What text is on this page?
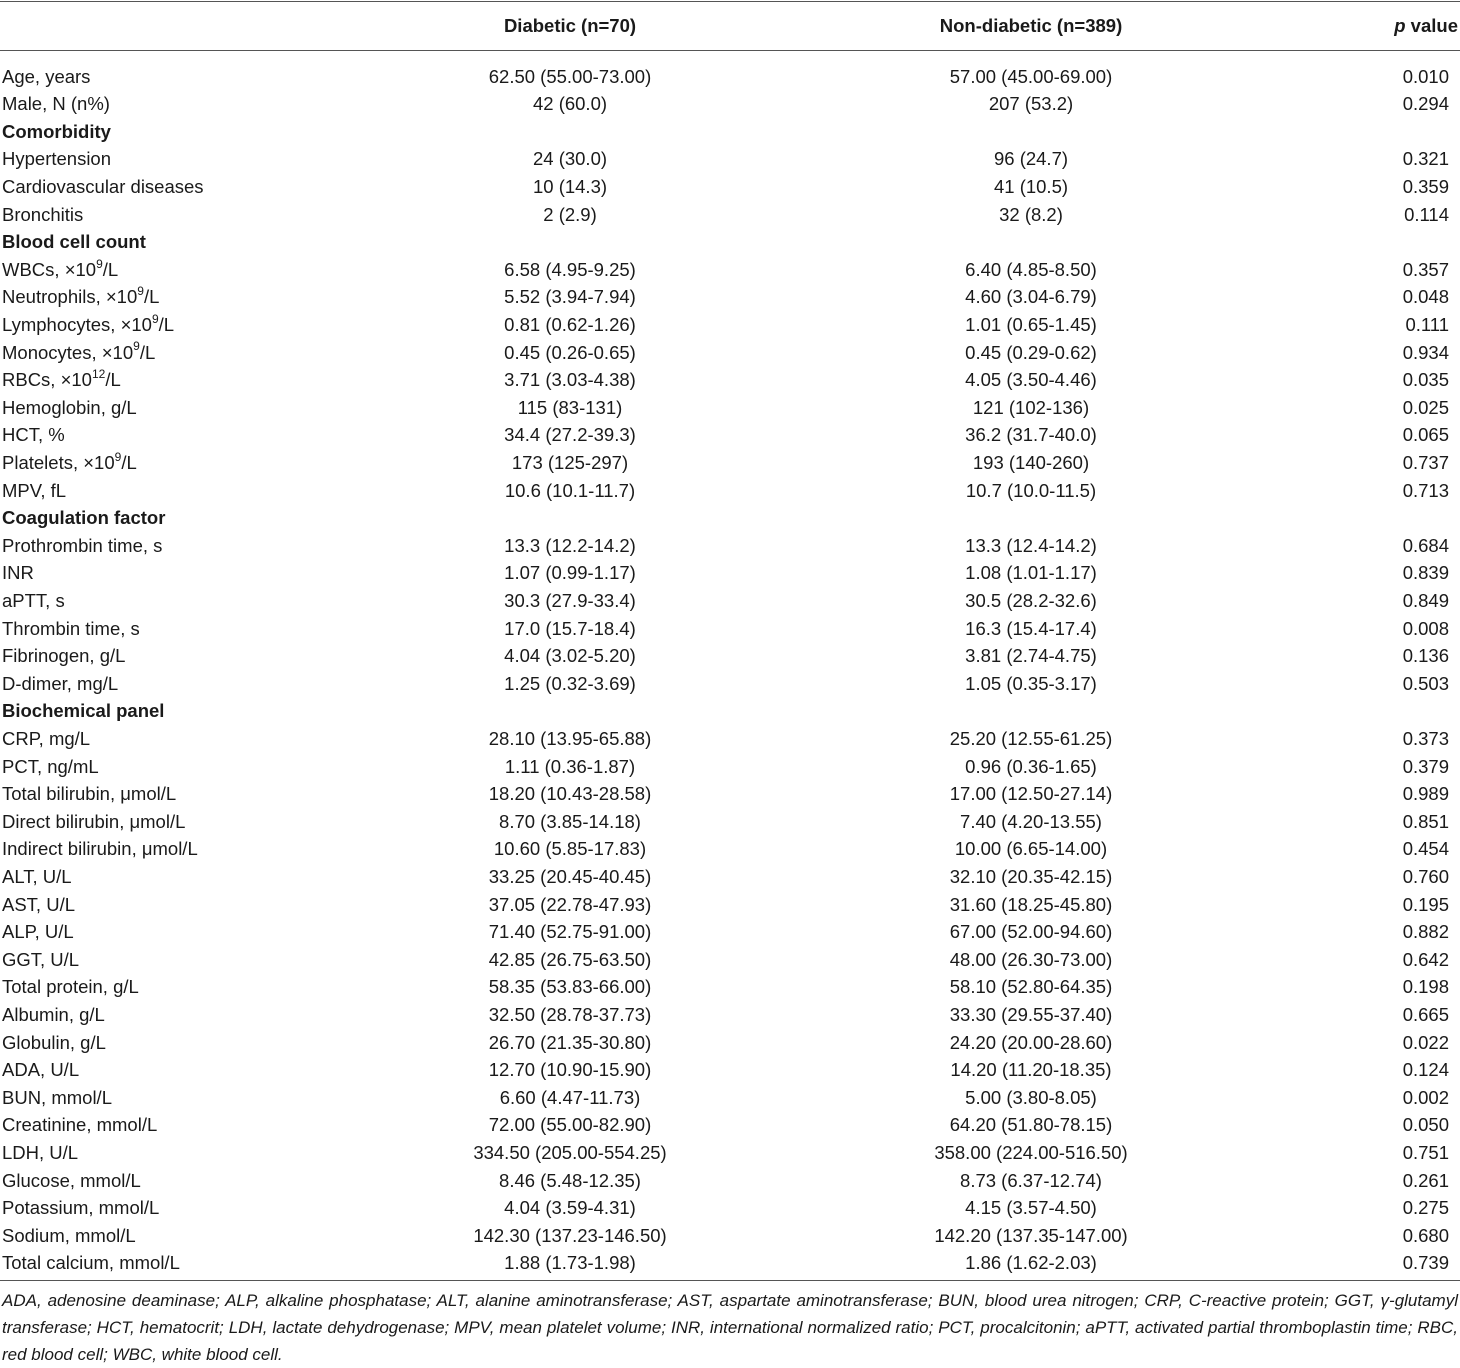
Diabetic (n=70)	Non-diabetic (n=389)	p value
Age, years	62.50 (55.00-73.00)	57.00 (45.00-69.00)	0.010
Male, N (n%)	42 (60.0)	207 (53.2)	0.294
Comorbidity
Hypertension	24 (30.0)	96 (24.7)	0.321
Cardiovascular diseases	10 (14.3)	41 (10.5)	0.359
Bronchitis	2 (2.9)	32 (8.2)	0.114
Blood cell count
WBCs, $\times 10^9/L$	6.58 (4.95-9.25)	6.40 (4.85-8.50)	0.357
Neutrophils, $\times 10^9/L$	5.52 (3.94-7.94)	4.60 (3.04-6.79)	0.048
Lymphocytes, $\times 10^9/L$	0.81 (0.62-1.26)	1.01 (0.65-1.45)	0.111
Monocytes, $\times 10^9/L$	0.45 (0.26-0.65)	0.45 (0.29-0.62)	0.934
RBCs, $\times 10^{12}/L$	3.71 (3.03-4.38)	4.05 (3.50-4.46)	0.035
Hemoglobin, g/L	115 (83-131)	121 (102-136)	0.025
HCT, %	34.4 (27.2-39.3)	36.2 (31.7-40.0)	0.065
Platelets, $\times 10^9/L$	173 (125-297)	193 (140-260)	0.737
MPV, fL	10.6 (10.1-11.7)	10.7 (10.0-11.5)	0.713
Coagulation factor
Prothrombin time, s	13.3 (12.2-14.2)	13.3 (12.4-14.2)	0.684
INR	1.07 (0.99-1.17)	1.08 (1.01-1.17)	0.839
aPTT, s	30.3 (27.9-33.4)	30.5 (28.2-32.6)	0.849
Thrombin time, s	17.0 (15.7-18.4)	16.3 (15.4-17.4)	0.008
Fibrinogen, g/L	4.04 (3.02-5.20)	3.81 (2.74-4.75)	0.136
D-dimer, mg/L	1.25 (0.32-3.69)	1.05 (0.35-3.17)	0.503
Biochemical panel
CRP, mg/L	28.10 (13.95-65.88)	25.20 (12.55-61.25)	0.373
PCT, ng/mL	1.11 (0.36-1.87)	0.96 (0.36-1.65)	0.379
Total bilirubin, μmol/L	18.20 (10.43-28.58)	17.00 (12.50-27.14)	0.989
Direct bilirubin, μmol/L	8.70 (3.85-14.18)	7.40 (4.20-13.55)	0.851
Indirect bilirubin, μmol/L	10.60 (5.85-17.83)	10.00 (6.65-14.00)	0.454
ALT, U/L	33.25 (20.45-40.45)	32.10 (20.35-42.15)	0.760
AST, U/L	37.05 (22.78-47.93)	31.60 (18.25-45.80)	0.195
ALP, U/L	71.40 (52.75-91.00)	67.00 (52.00-94.60)	0.882
GGT, U/L	42.85 (26.75-63.50)	48.00 (26.30-73.00)	0.642
Total protein, g/L	58.35 (53.83-66.00)	58.10 (52.80-64.35)	0.198
Albumin, g/L	32.50 (28.78-37.73)	33.30 (29.55-37.40)	0.665
Globulin, g/L	26.70 (21.35-30.80)	24.20 (20.00-28.60)	0.022
ADA, U/L	12.70 (10.90-15.90)	14.20 (11.20-18.35)	0.124
BUN, mmol/L	6.60 (4.47-11.73)	5.00 (3.80-8.05)	0.002
Creatinine, mmol/L	72.00 (55.00-82.90)	64.20 (51.80-78.15)	0.050
LDH, U/L	334.50 (205.00-554.25)	358.00 (224.00-516.50)	0.751
Glucose, mmol/L	8.46 (5.48-12.35)	8.73 (6.37-12.74)	0.261
Potassium, mmol/L	4.04 (3.59-4.31)	4.15 (3.57-4.50)	0.275
Sodium, mmol/L	142.30 (137.23-146.50)	142.20 (137.35-147.00)	0.680
Total calcium, mmol/L	1.88 (1.73-1.98)	1.86 (1.62-2.03)	0.739
ADA, adenosine deaminase; ALP, alkaline phosphatase; ALT, alanine aminotransferase; AST, aspartate aminotransferase; BUN, blood urea nitrogen; CRP, C-reactive protein; GGT, γ-glutamyl transferase; HCT, hematocrit; LDH, lactate dehydrogenase; MPV, mean platelet volume; INR, international normalized ratio; PCT, procalcitonin; aPTT, activated partial thromboplastin time; RBC, red blood cell; WBC, white blood cell.
